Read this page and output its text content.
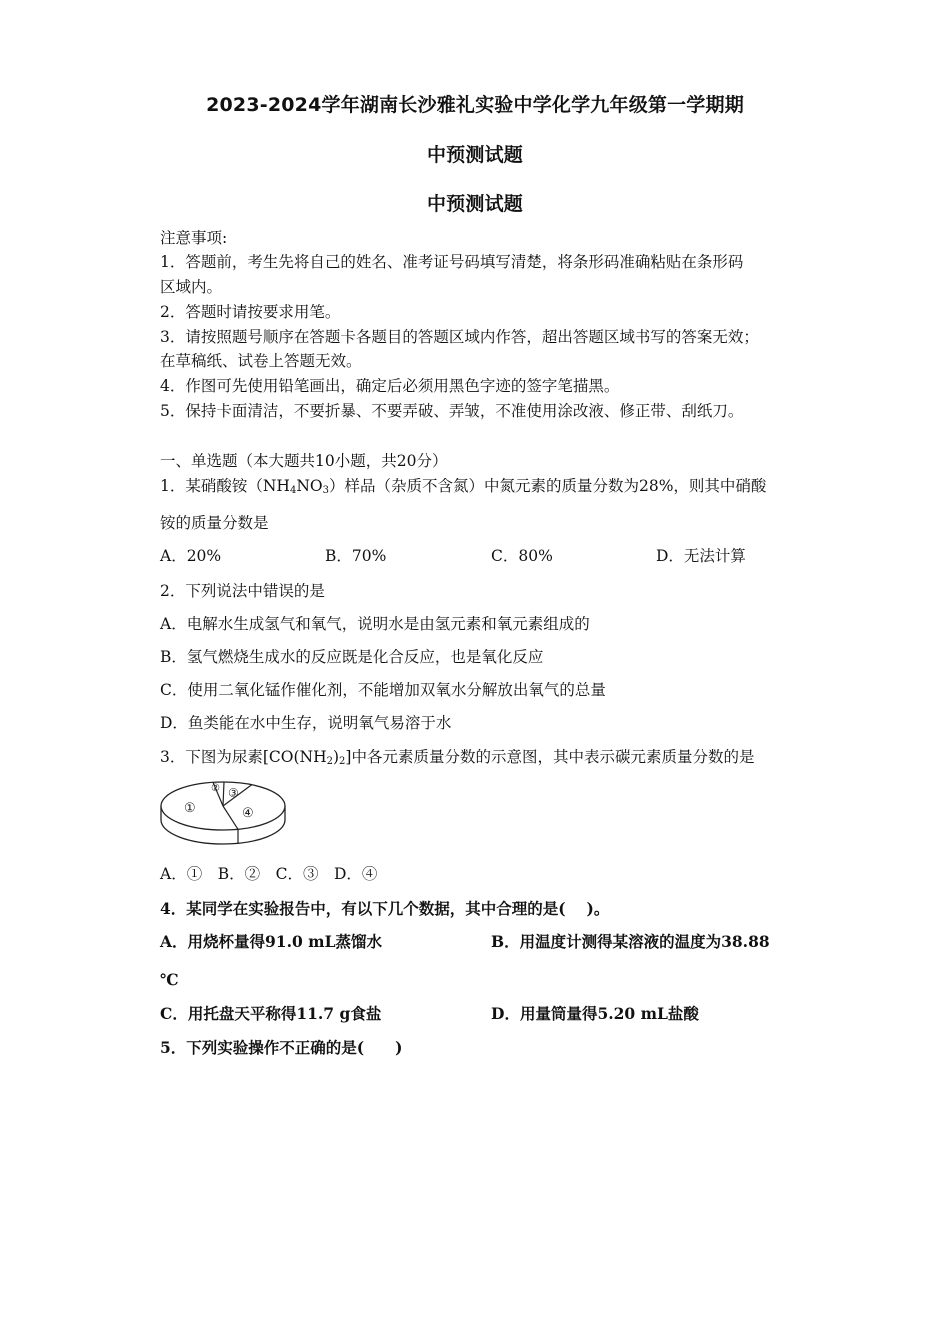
2023-2024学年湖南长沙雅礼实验中学化学九年级第一学期期
中预测试题
中预测试题
注意事项:
1．答题前，考生先将自己的姓名、准考证号码填写清楚，将条形码准确粘贴在条形码
区域内。
2．答题时请按要求用笔。
3．请按照题号顺序在答题卡各题目的答题区域内作答，超出答题区域书写的答案无效；
在草稿纸、试卷上答题无效。
4．作图可先使用铅笔画出，确定后必须用黑色字迹的签字笔描黑。
5．保持卡面清洁，不要折暴、不要弄破、弄皱，不准使用涂改液、修正带、刮纸刀。
一、单选题（本大题共10小题，共20分）
1．某硝酸铵$(NH_4NO_3)$样品（杂质不含氮）中氮元素的质量分数为28%，则其中硝酸
铵的质量分数是
A．20%	B．70%	C．80%	D．无法计算
2．下列说法中错误的是
A．电解水生成氢气和氧气，说明水是由氢元素和氧元素组成的
B．氢气燃烧生成水的反应既是化合反应，也是氧化反应
C．使用二氧化锰作催化剂，不能增加双氧水分解放出氧气的总量
D．鱼类能在水中生存，说明氧气易溶于水
3．下图为尿素$[CO(NH_2)_2]$中各元素质量分数的示意图，其中表示碳元素质量分数的是
①
② ③
④
A．①　B．②　C．③　D．④
4．某同学在实验报告中，有以下几个数据，其中合理的是(　 )。
A．用烧杯量得91.0 mL蒸馏水	B．用温度计测得某溶液的温度为38.88
℃
C．用托盘天平称得11.7 g食盐	D．用量筒量得5.20 mL盐酸
5．下列实验操作不正确的是(　　)
